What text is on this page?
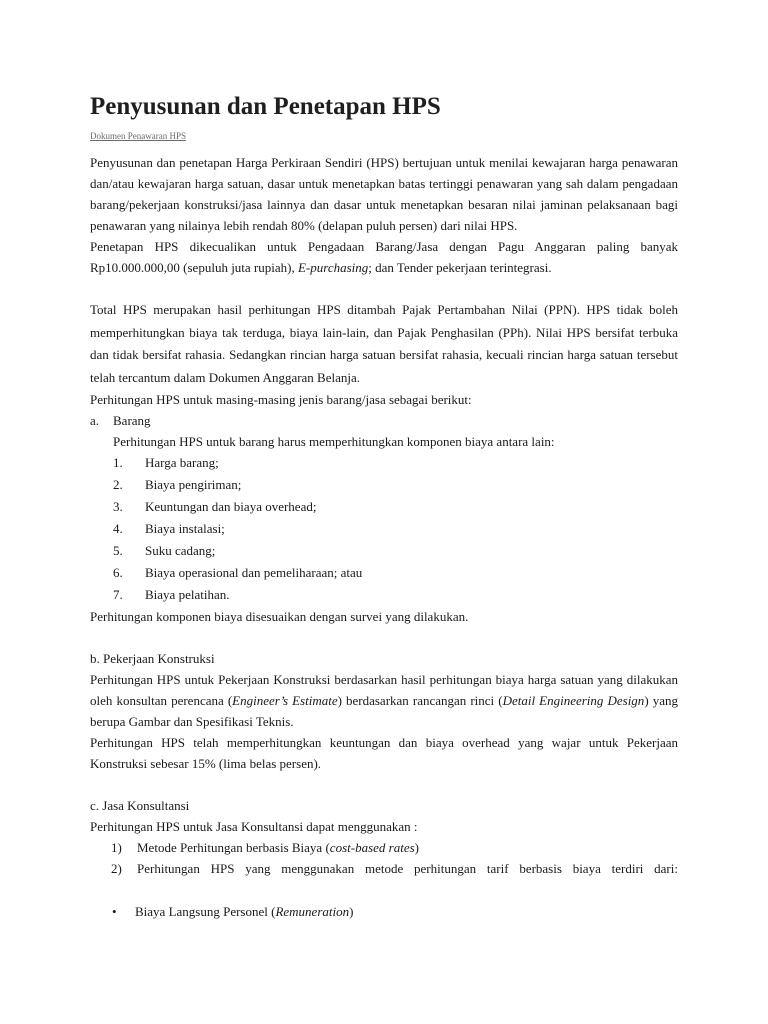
Penyusunan dan Penetapan HPS
Dokumen Penawaran HPS

Penyusunan dan penetapan Harga Perkiraan Sendiri (HPS) bertujuan untuk menilai kewajaran harga penawaran dan/atau kewajaran harga satuan, dasar untuk menetapkan batas tertinggi penawaran yang sah dalam pengadaan barang/pekerjaan konstruksi/jasa lainnya dan dasar untuk menetapkan besaran nilai jaminan pelaksanaan bagi penawaran yang nilainya lebih rendah 80% (delapan puluh persen) dari nilai HPS.

Penetapan HPS dikecualikan untuk Pengadaan Barang/Jasa dengan Pagu Anggaran paling banyak Rp10.000.000,00 (sepuluh juta rupiah), E-purchasing; dan Tender pekerjaan terintegrasi.

Total HPS merupakan hasil perhitungan HPS ditambah Pajak Pertambahan Nilai (PPN). HPS tidak boleh memperhitungkan biaya tak terduga, biaya lain-lain, dan Pajak Penghasilan (PPh). Nilai HPS bersifat terbuka dan tidak bersifat rahasia. Sedangkan rincian harga satuan bersifat rahasia, kecuali rincian harga satuan tersebut telah tercantum dalam Dokumen Anggaran Belanja.

Perhitungan HPS untuk masing-masing jenis barang/jasa sebagai berikut:

a.	Barang

Perhitungan HPS untuk barang harus memperhitungkan komponen biaya antara lain:

1.	Harga barang;
2.	Biaya pengiriman;
3.	Keuntungan dan biaya overhead;
4.	Biaya instalasi;
5.	Suku cadang;
6.	Biaya operasional dan pemeliharaan; atau
7.	Biaya pelatihan.

Perhitungan komponen biaya disesuaikan dengan survei yang dilakukan.

b. Pekerjaan Konstruksi

Perhitungan HPS untuk Pekerjaan Konstruksi berdasarkan hasil perhitungan biaya harga satuan yang dilakukan oleh konsultan perencana (Engineer’s Estimate) berdasarkan rancangan rinci (Detail Engineering Design) yang berupa Gambar dan Spesifikasi Teknis.

Perhitungan HPS telah memperhitungkan keuntungan dan biaya overhead yang wajar untuk Pekerjaan Konstruksi sebesar 15% (lima belas persen).

c. Jasa Konsultansi

Perhitungan HPS untuk Jasa Konsultansi dapat menggunakan :

1)	Metode Perhitungan berbasis Biaya (cost-based rates)
2)	Perhitungan HPS yang menggunakan metode perhitungan tarif berbasis biaya terdiri dari:
•	Biaya Langsung Personel (Remuneration)
